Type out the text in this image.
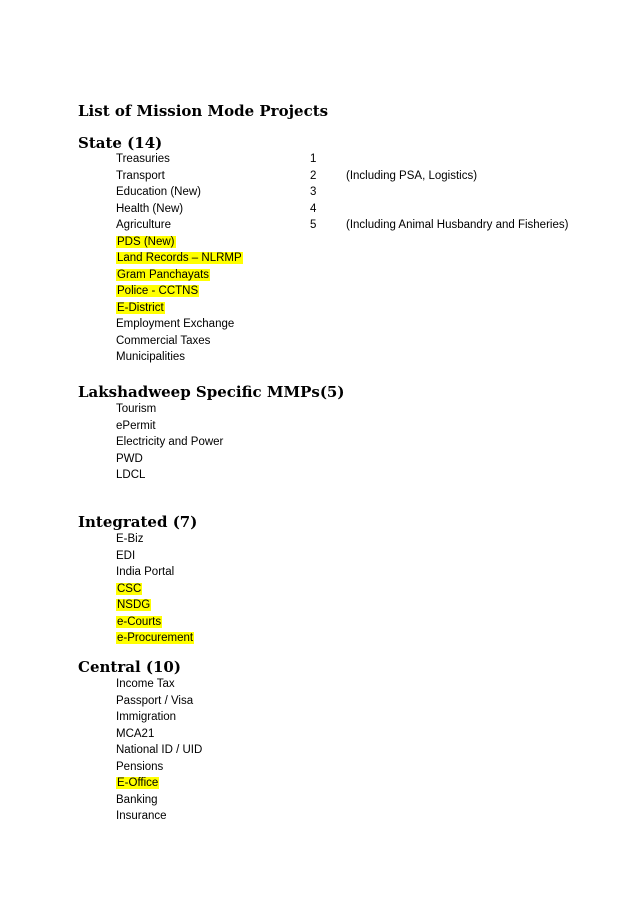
List of Mission Mode Projects
State (14)
Treasuries	1
Transport	2	(Including PSA, Logistics)
Education (New)	3
Health (New)	4
Agriculture	5	(Including Animal Husbandry and Fisheries)
PDS (New)
Land Records – NLRMP
Gram Panchayats
Police - CCTNS
E-District
Employment Exchange
Commercial Taxes
Municipalities
Lakshadweep Specific MMPs(5)
Tourism
ePermit
Electricity and Power
PWD
LDCL
Integrated (7)
E-Biz
EDI
India Portal
CSC
NSDG
e-Courts
e-Procurement
Central (10)
Income Tax
Passport / Visa
Immigration
MCA21
National ID / UID
Pensions
E-Office
Banking
Insurance
